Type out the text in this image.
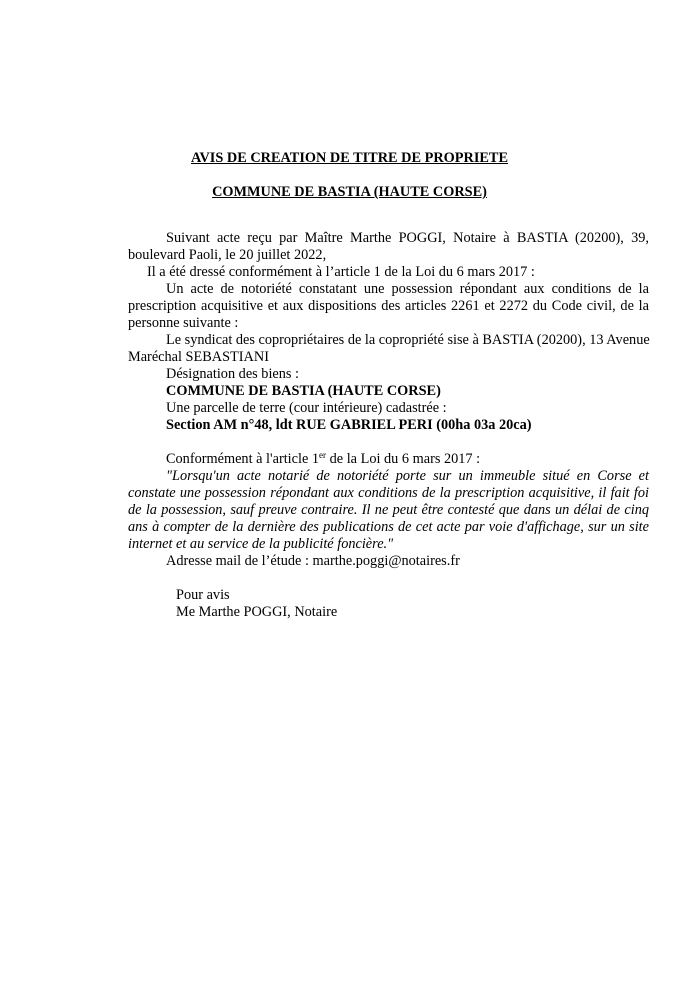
AVIS DE CREATION DE TITRE DE PROPRIETE
COMMUNE DE BASTIA (HAUTE CORSE)
Suivant acte reçu par Maître Marthe POGGI, Notaire à BASTIA (20200), 39,
boulevard Paoli, le 20 juillet 2022,
Il a été dressé conformément à l’article 1 de la Loi du 6 mars 2017 :
Un acte de notoriété constatant une possession répondant aux conditions de la
prescription acquisitive et aux dispositions des articles 2261 et 2272 du Code civil, de la
personne suivante :
Le syndicat des copropriétaires de la copropriété sise à BASTIA (20200), 13 Avenue
Maréchal SEBASTIANI
Désignation des biens :
COMMUNE DE BASTIA (HAUTE CORSE)
Une parcelle de terre (cour intérieure) cadastrée :
Section AM n°48, ldt RUE GABRIEL PERI (00ha 03a 20ca)
Conformément à l'article 1er de la Loi du 6 mars 2017 :
"Lorsqu'un acte notarié de notoriété porte sur un immeuble situé en Corse et
constate une possession répondant aux conditions de la prescription acquisitive, il fait foi
de la possession, sauf preuve contraire. Il ne peut être contesté que dans un délai de cinq
ans à compter de la dernière des publications de cet acte par voie d'affichage, sur un site
internet et au service de la publicité foncière."
Adresse mail de l’étude : marthe.poggi@notaires.fr
Pour avis
Me Marthe POGGI, Notaire
